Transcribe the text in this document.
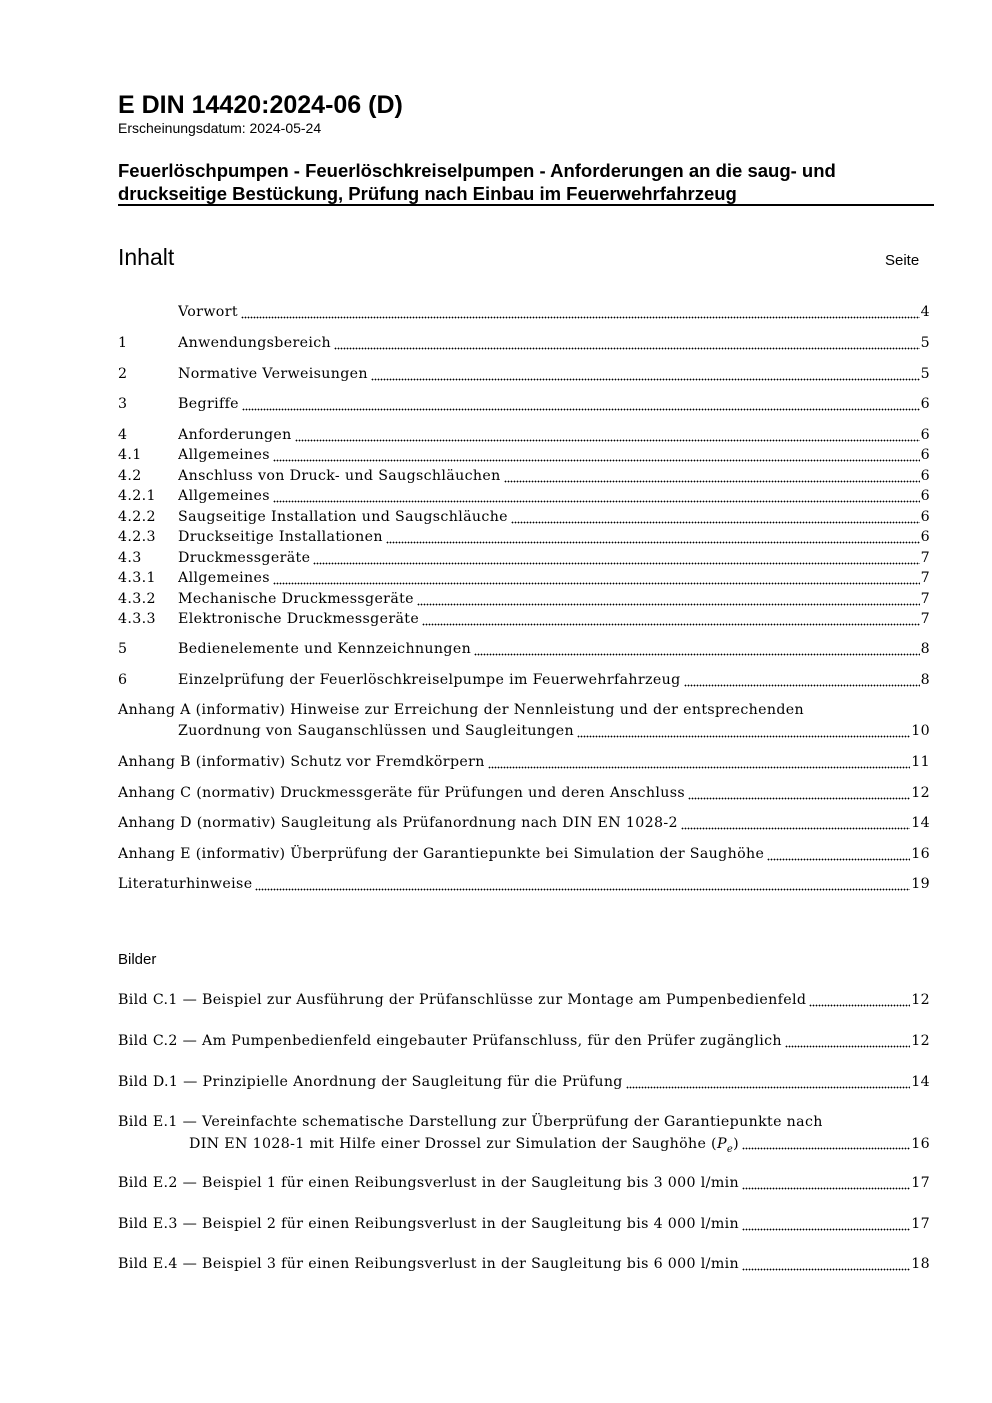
E DIN 14420:2024-06 (D)
Erscheinungsdatum: 2024-05-24
Feuerlöschpumpen - Feuerlöschkreiselpumpen - Anforderungen an die saug- und druckseitige Bestückung, Prüfung nach Einbau im Feuerwehrfahrzeug
Inhalt	Seite
Vorwort	4
1	Anwendungsbereich	5
2	Normative Verweisungen	5
3	Begriffe	6
4	Anforderungen	6
4.1	Allgemeines	6
4.2	Anschluss von Druck- und Saugschläuchen	6
4.2.1	Allgemeines	6
4.2.2	Saugseitige Installation und Saugschläuche	6
4.2.3	Druckseitige Installationen	6
4.3	Druckmessgeräte	7
4.3.1	Allgemeines	7
4.3.2	Mechanische Druckmessgeräte	7
4.3.3	Elektronische Druckmessgeräte	7
5	Bedienelemente und Kennzeichnungen	8
6	Einzelprüfung der Feuerlöschkreiselpumpe im Feuerwehrfahrzeug	8
Anhang A (informativ) Hinweise zur Erreichung der Nennleistung und der entsprechenden
Zuordnung von Sauganschlüssen und Saugleitungen	10
Anhang B (informativ) Schutz vor Fremdkörpern	11
Anhang C (normativ) Druckmessgeräte für Prüfungen und deren Anschluss	12
Anhang D (normativ) Saugleitung als Prüfanordnung nach DIN EN 1028-2	14
Anhang E (informativ) Überprüfung der Garantiepunkte bei Simulation der Saughöhe	16
Literaturhinweise	19
Bilder
Bild C.1 — Beispiel zur Ausführung der Prüfanschlüsse zur Montage am Pumpenbedienfeld	12
Bild C.2 — Am Pumpenbedienfeld eingebauter Prüfanschluss, für den Prüfer zugänglich	12
Bild D.1 — Prinzipielle Anordnung der Saugleitung für die Prüfung	14
Bild E.1 — Vereinfachte schematische Darstellung zur Überprüfung der Garantiepunkte nach
DIN EN 1028-1 mit Hilfe einer Drossel zur Simulation der Saughöhe $(P_e)$	16
Bild E.2 — Beispiel 1 für einen Reibungsverlust in der Saugleitung bis 3 000 l/min	17
Bild E.3 — Beispiel 2 für einen Reibungsverlust in der Saugleitung bis 4 000 l/min	17
Bild E.4 — Beispiel 3 für einen Reibungsverlust in der Saugleitung bis 6 000 l/min	18
